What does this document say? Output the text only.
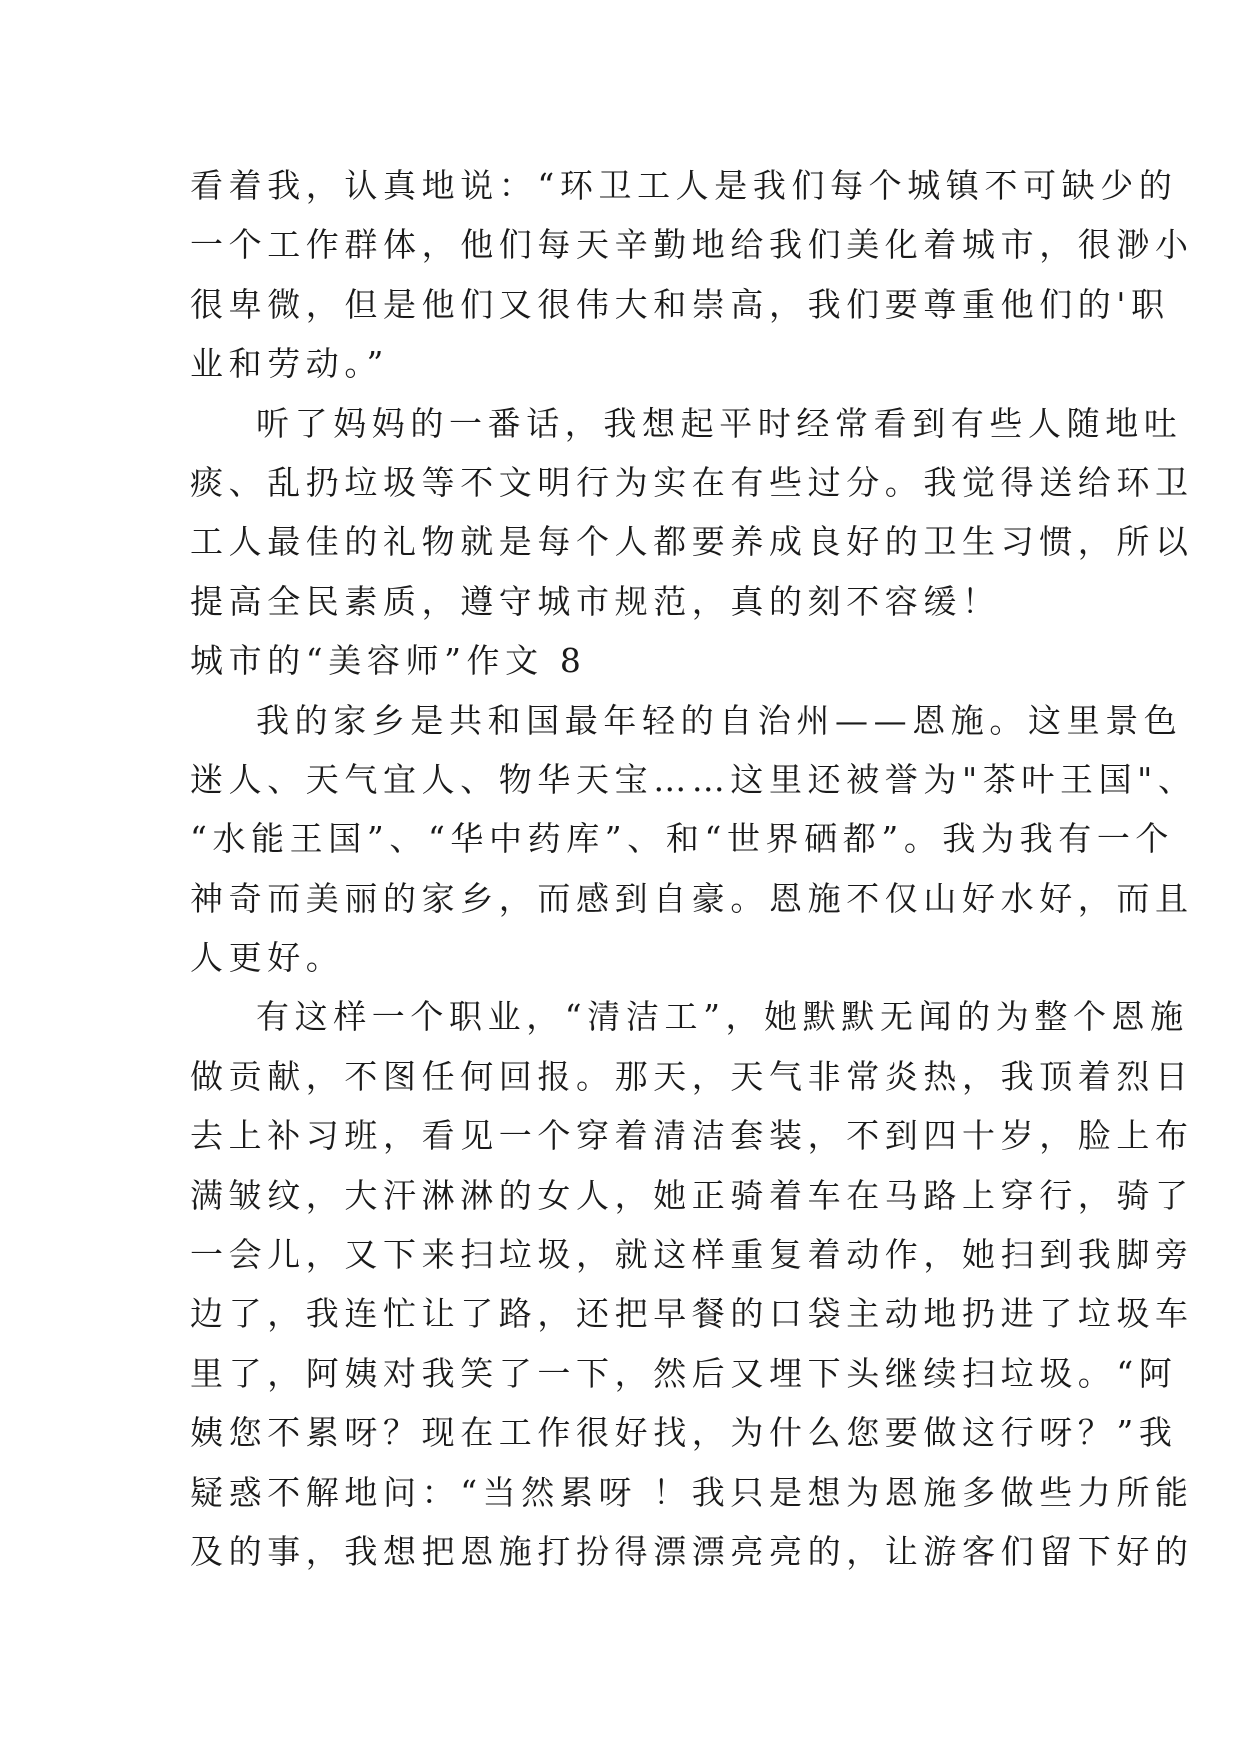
看着我，认真地说：“环卫工人是我们每个城镇不可缺少的
一个工作群体，他们每天辛勤地给我们美化着城市，很渺小
很卑微，但是他们又很伟大和崇高，我们要尊重他们的'职
业和劳动。”
听了妈妈的一番话，我想起平时经常看到有些人随地吐
痰、乱扔垃圾等不文明行为实在有些过分。我觉得送给环卫
工人最佳的礼物就是每个人都要养成良好的卫生习惯，所以
提高全民素质，遵守城市规范，真的刻不容缓！
城市的“美容师”作文 8
我的家乡是共和国最年轻的自治州——恩施。这里景色
迷人、天气宜人、物华天宝……这里还被誉为"茶叶王国"、
“水能王国”、“华中药库”、和“世界硒都”。我为我有一个
神奇而美丽的家乡，而感到自豪。恩施不仅山好水好，而且
人更好。
有这样一个职业，“清洁工”，她默默无闻的为整个恩施
做贡献，不图任何回报。那天，天气非常炎热，我顶着烈日
去上补习班，看见一个穿着清洁套装，不到四十岁，脸上布
满皱纹，大汗淋淋的女人，她正骑着车在马路上穿行，骑了
一会儿，又下来扫垃圾，就这样重复着动作，她扫到我脚旁
边了，我连忙让了路，还把早餐的口袋主动地扔进了垃圾车
里了，阿姨对我笑了一下，然后又埋下头继续扫垃圾。“阿
姨您不累呀？现在工作很好找，为什么您要做这行呀？”我
疑惑不解地问：“当然累呀 ！我只是想为恩施多做些力所能
及的事，我想把恩施打扮得漂漂亮亮的，让游客们留下好的
